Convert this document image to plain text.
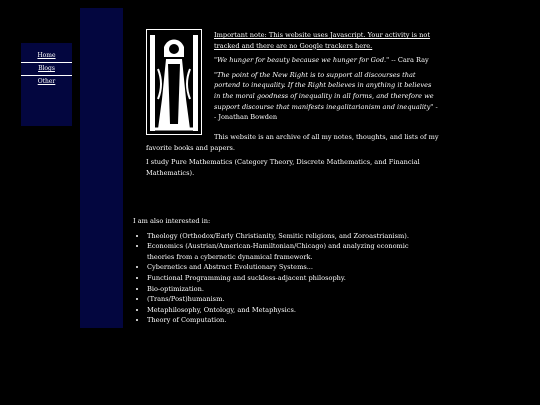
Home
Blogs
Other

Important note: This website uses Javascript. Your activity is not tracked and there are no Google trackers here.

"We hunger for beauty because we hunger for God." -- Cara Ray

"The point of the New Right is to support all discourses that portend to inequality. If the Right believes in anything it believes in the moral goodness of inequality in all forms, and therefore we support discourse that manifests inegalitarianism and inequality" -- Jonathan Bowden

This website is an archive of all my notes, thoughts, and lists of my favorite books and papers.

I study Pure Mathematics (Category Theory, Discrete Mathematics, and Financial Mathematics).

I am also interested in:

• Theology (Orthodox/Early Christianity, Semitic religions, and Zoroastrianism).
• Economics (Austrian/American-Hamiltonian/Chicago) and analyzing economic theories from a cybernetic dynamical framework.
• Cybernetics and Abstract Evolutionary Systems...
• Functional Programming and suckless-adjacent philosophy.
• Bio-optimization.
• (Trans/Post)humanism.
• Metaphilosophy, Ontology, and Metaphysics.
• Theory of Computation.
